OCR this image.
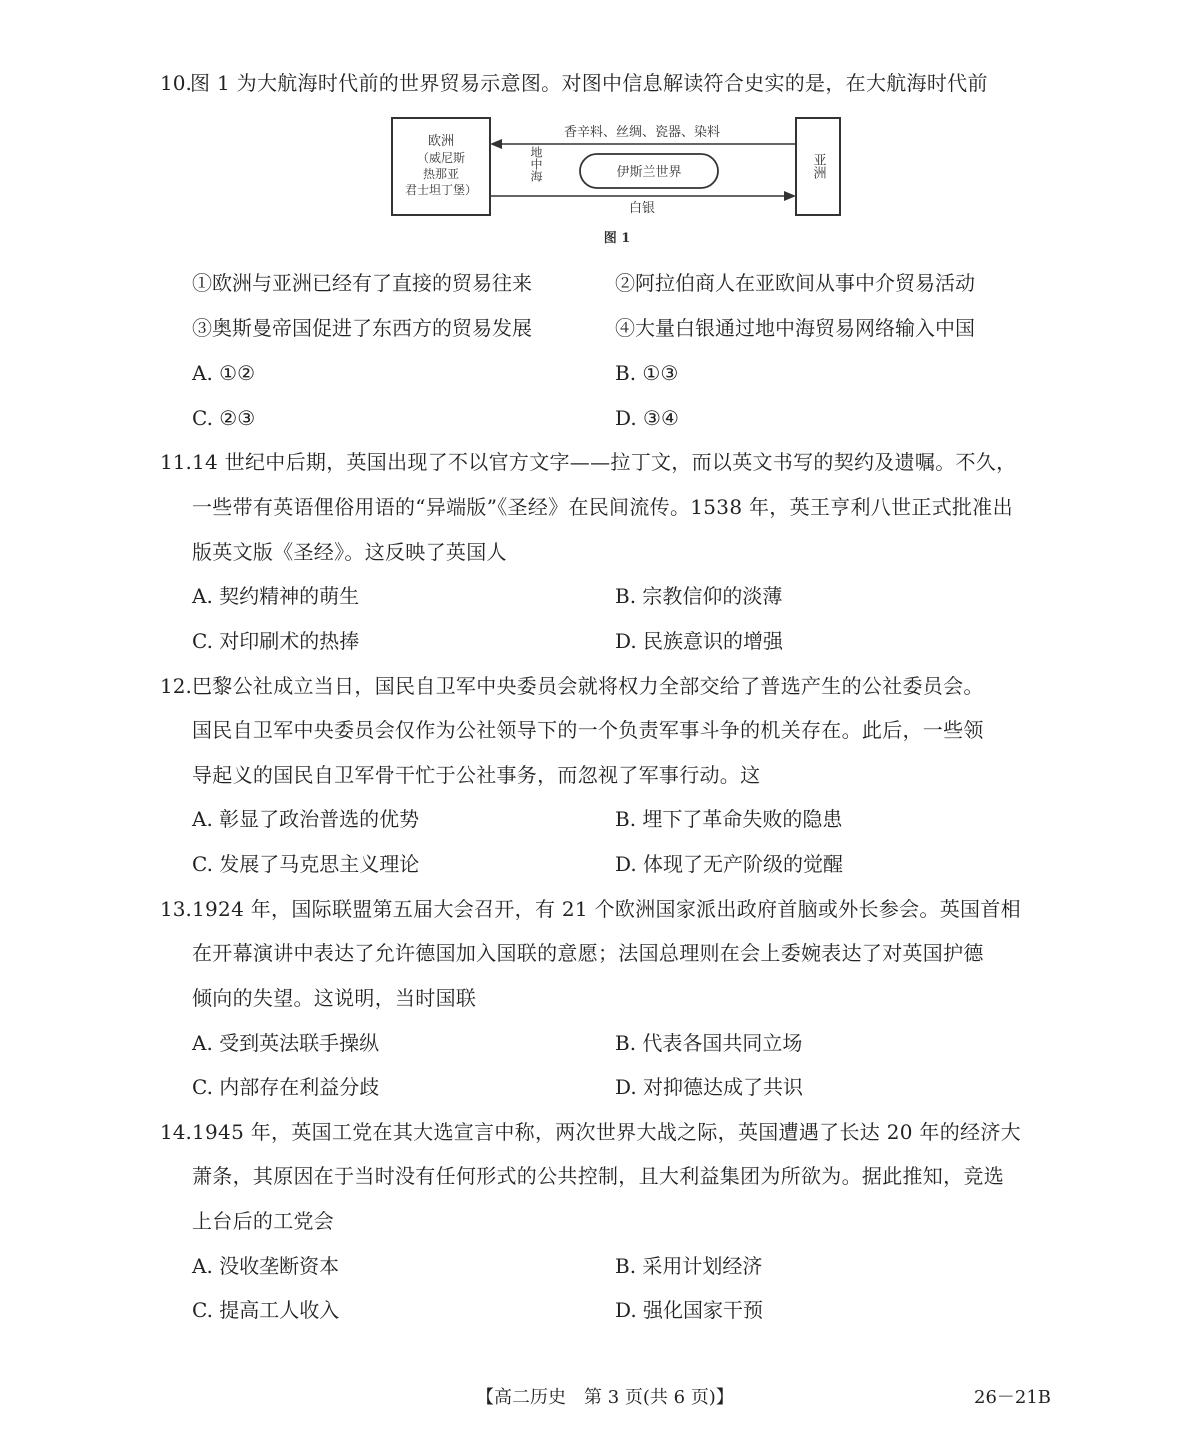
10.
图 1 为大航海时代前的世界贸易示意图。对图中信息解读符合史实的是，在大航海时代前
欧洲
（威尼斯
热那亚
君士坦丁堡）
亚洲
香辛料、丝绸、瓷器、染料
白银
地中海	伊斯兰世界
图 1
①欧洲与亚洲已经有了直接的贸易往来	②阿拉伯商人在亚欧间从事中介贸易活动
③奥斯曼帝国促进了东西方的贸易发展	④大量白银通过地中海贸易网络输入中国
A. ①②	B. ①③
C. ②③	D. ③④
11. 14 世纪中后期，英国出现了不以官方文字——拉丁文，而以英文书写的契约及遗嘱。不久，
一些带有英语俚俗用语的“异端版”《圣经》在民间流传。1538 年，英王亨利八世正式批准出
版英文版《圣经》。这反映了英国人
A. 契约精神的萌生	B. 宗教信仰的淡薄
C. 对印刷术的热捧	D. 民族意识的增强
12. 巴黎公社成立当日，国民自卫军中央委员会就将权力全部交给了普选产生的公社委员会。
国民自卫军中央委员会仅作为公社领导下的一个负责军事斗争的机关存在。此后，一些领
导起义的国民自卫军骨干忙于公社事务，而忽视了军事行动。这
A. 彰显了政治普选的优势	B. 埋下了革命失败的隐患
C. 发展了马克思主义理论	D. 体现了无产阶级的觉醒
13. 1924 年，国际联盟第五届大会召开，有 21 个欧洲国家派出政府首脑或外长参会。英国首相
在开幕演讲中表达了允许德国加入国联的意愿；法国总理则在会上委婉表达了对英国护德
倾向的失望。这说明，当时国联
A. 受到英法联手操纵	B. 代表各国共同立场
C. 内部存在利益分歧	D. 对抑德达成了共识
14. 1945 年，英国工党在其大选宣言中称，两次世界大战之际，英国遭遇了长达 20 年的经济大
萧条，其原因在于当时没有任何形式的公共控制，且大利益集团为所欲为。据此推知，竞选
上台后的工党会
A. 没收垄断资本	B. 采用计划经济
C. 提高工人收入	D. 强化国家干预
【高二历史　第 3 页(共 6 页)】	26－21B
